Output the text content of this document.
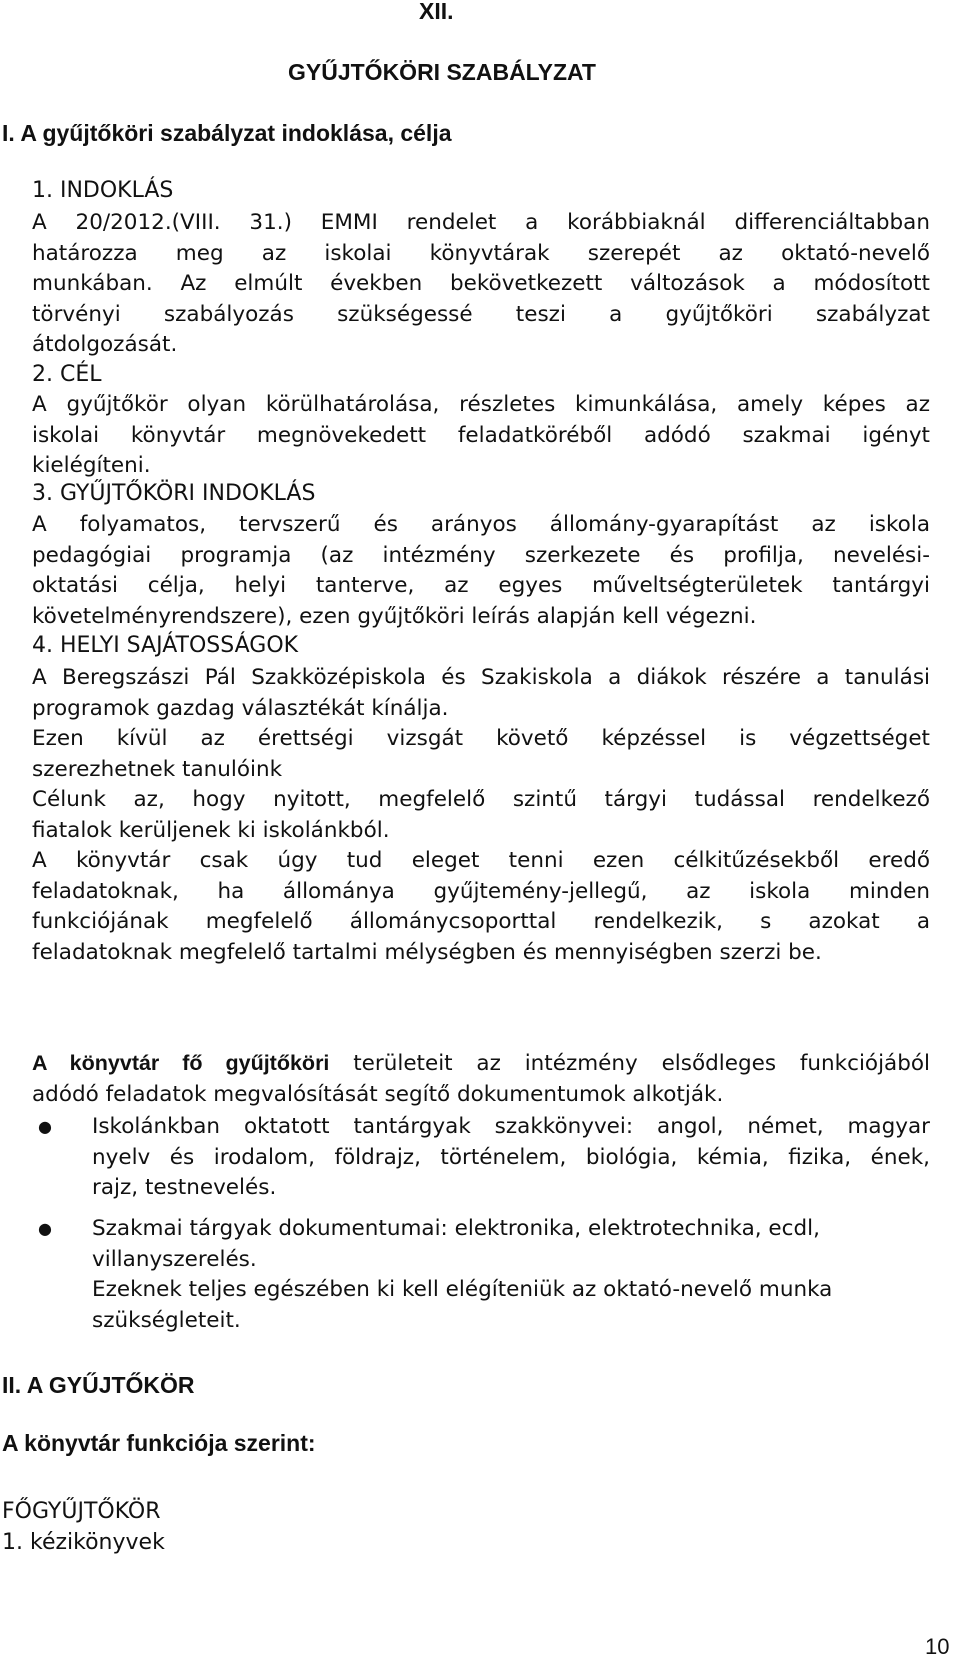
XII.
GYŰJTŐKÖRI SZABÁLYZAT
I. A gyűjtőköri szabályzat indoklása, célja
1. INDOKLÁS
A 20/2012.(VIII. 31.) EMMI rendelet a korábbiaknál differenciáltabban
határozza meg az iskolai könyvtárak szerepét az oktató-nevelő
munkában. Az elmúlt években bekövetkezett változások a módosított
törvényi szabályozás szükségessé teszi a gyűjtőköri szabályzat
átdolgozását.
2. CÉL
A gyűjtőkör olyan körülhatárolása, részletes kimunkálása, amely képes az
iskolai könyvtár megnövekedett feladatköréből adódó szakmai igényt
kielégíteni.
3. GYŰJTŐKÖRI INDOKLÁS
A folyamatos, tervszerű és arányos állomány-gyarapítást az iskola
pedagógiai programja (az intézmény szerkezete és profilja, nevelési-
oktatási célja, helyi tanterve, az egyes műveltségterületek tantárgyi
követelményrendszere), ezen gyűjtőköri leírás alapján kell végezni.
4. HELYI SAJÁTOSSÁGOK
A Beregszászi Pál Szakközépiskola és Szakiskola a diákok részére a tanulási
programok gazdag választékát kínálja.
Ezen kívül az érettségi vizsgát követő képzéssel is végzettséget
szerezhetnek tanulóink
Célunk az, hogy nyitott, megfelelő szintű tárgyi tudással rendelkező
fiatalok kerüljenek ki iskolánkból.
A könyvtár csak úgy tud eleget tenni ezen célkitűzésekből eredő
feladatoknak, ha állománya gyűjtemény-jellegű, az iskola minden
funkciójának megfelelő állománycsoporttal rendelkezik, s azokat a
feladatoknak megfelelő tartalmi mélységben és mennyiségben szerzi be.
A könyvtár fő gyűjtőköri területeit az intézmény elsődleges funkciójából
adódó feladatok megvalósítását segítő dokumentumok alkotják.
● Iskolánkban oktatott tantárgyak szakkönyvei: angol, német, magyar
nyelv és irodalom, földrajz, történelem, biológia, kémia, fizika, ének,
rajz, testnevelés.
● Szakmai tárgyak dokumentumai: elektronika, elektrotechnika, ecdl,
villanyszerelés.
Ezeknek teljes egészében ki kell elégíteniük az oktató-nevelő munka
szükségleteit.
II. A GYŰJTŐKÖR
A könyvtár funkciója szerint:
FŐGYŰJTŐKÖR
1. kézikönyvek
10
